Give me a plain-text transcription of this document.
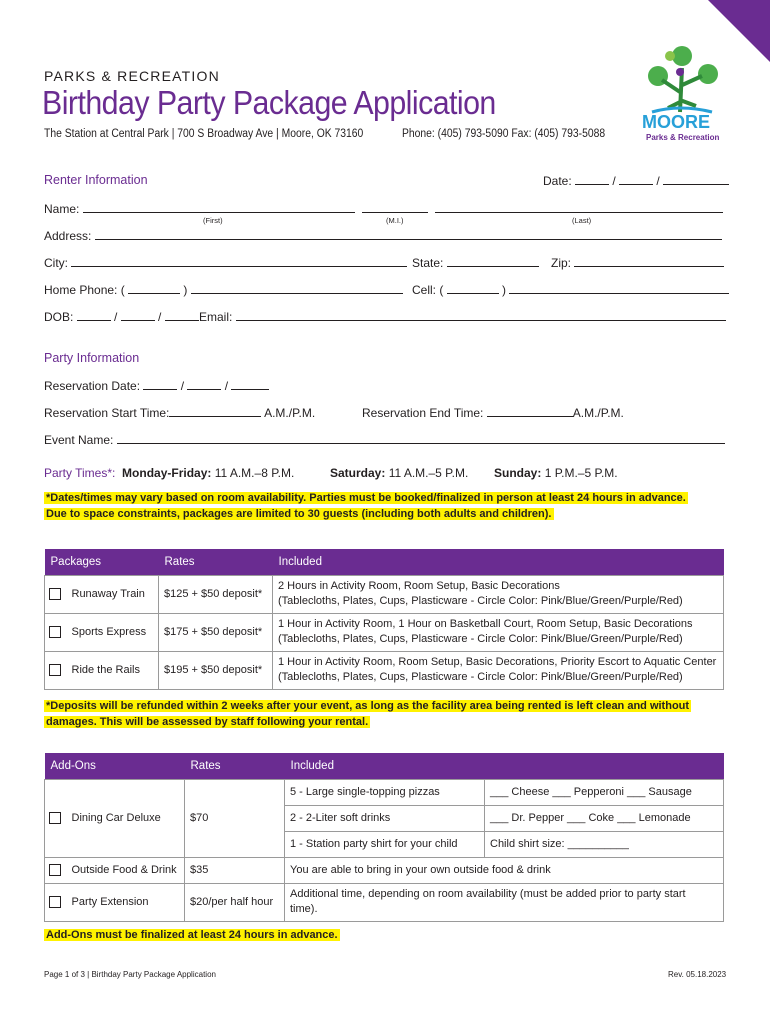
PARKS & RECREATION
Birthday Party Package Application
The Station at Central Park | 700 S Broadway Ave | Moore, OK 73160	Phone: (405) 793-5090 Fax: (405) 793-5088
MOORE
Parks & Recreation
Renter Information	Date:	/	/
Name:
(First)	(M.I.)	(Last)
Address:
City:	State:	Zip:
Home Phone: (	)	Cell: (	)
DOB:	/	/	Email:
Party Information
Reservation Date:	/	/
Reservation Start Time:	A.M./P.M.	Reservation End Time:	A.M./P.M.
Event Name:
Party Times*: Monday-Friday: 11 A.M.–8 P.M.	Saturday: 11 A.M.–5 P.M. Sunday: 1 P.M.–5 P.M.
*Dates/times may vary based on room availability. Parties must be booked/finalized in person at least 24 hours in advance.
Due to space constraints, packages are limited to 30 guests (including both adults and children).
Packages		Rates	Included
	Runaway Train	$125 + $50 deposit*	2 Hours in Activity Room, Room Setup, Basic Decorations
(Tablecloths, Plates, Cups, Plasticware - Circle Color: Pink/Blue/Green/Purple/Red)

	Sports Express	$175 + $50 deposit*	1 Hour in Activity Room, 1 Hour on Basketball Court, Room Setup, Basic Decorations
(Tablecloths, Plates, Cups, Plasticware - Circle Color: Pink/Blue/Green/Purple/Red)

	Ride the Rails	$195 + $50 deposit*	1 Hour in Activity Room, Room Setup, Basic Decorations, Priority Escort to Aquatic Center
(Tablecloths, Plates, Cups, Plasticware - Circle Color: Pink/Blue/Green/Purple/Red)
*Deposits will be refunded within 2 weeks after your event, as long as the facility area being rented is left clean and without
damages. This will be assessed by staff following your rental.
Add-Ons		Rates	Included	
	Dining Car Deluxe	$70	5 - Large single-topping pizzas	___ Cheese ___ Pepperoni ___ Sausage
			2 - 2-Liter soft drinks	___ Dr. Pepper ___ Coke ___ Lemonade
			1 - Station party shirt for your child	Child shirt size: __________
	Outside Food & Drink	$35	You are able to bring in your own outside food & drink	
	Party Extension	$20/per half hour	Additional time, depending on room availability (must be added prior to party start
time).	
Add-Ons must be finalized at least 24 hours in advance.
Page 1 of 3 | Birthday Party Package Application	Rev. 05.18.2023
